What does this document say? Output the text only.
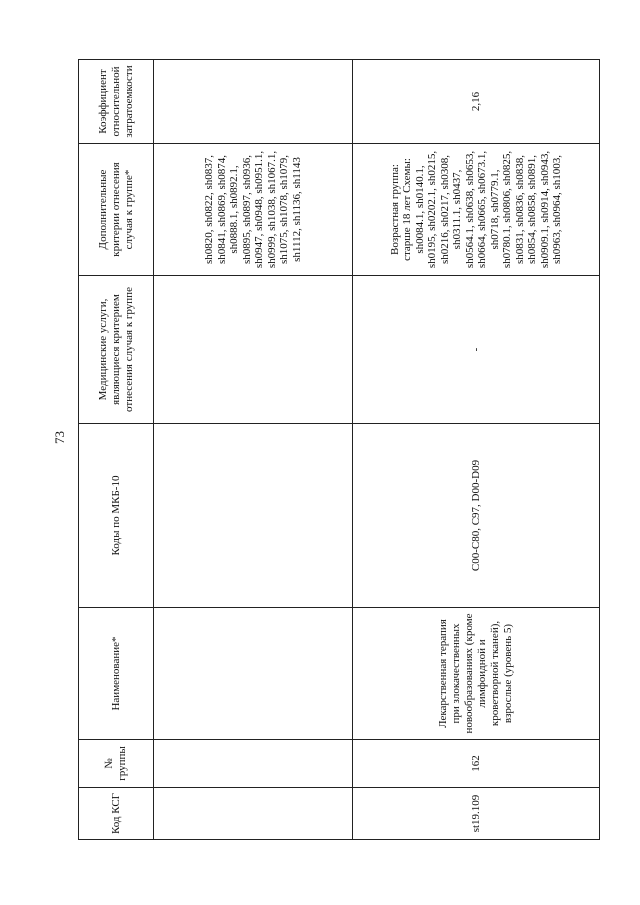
73
Код КСГ	№ группы	Наименование*	Коды по МКБ-10	Медицинские услуги, являющиеся критерием отнесения случая к группе	Дополнительные критерии отнесения случая к группе*	Коэффициент относительной затратоемкости
					sh0820, sh0822, sh0837, sh0841, sh0869, sh0874, sh0888.1, sh0892.1, sh0895, sh0897, sh0936, sh0947, sh0948, sh0951.1, sh0999, sh1038, sh1067.1, sh1075, sh1078, sh1079, sh1112, sh1136, sh1143	
st19.109	162	Лекарственная терапия при злокачественных новообразованиях (кроме лимфоидной и кроветворной тканей), взрослые (уровень 5)	C00-C80, C97, D00-D09	-	Возрастная группа: старше 18 лет Схемы: sh0084.1, sh0140.1, sh0195, sh0202.1, sh0215, sh0216, sh0217, sh0308, sh0311.1, sh0437, sh0564.1, sh0638, sh0653, sh0664, sh0665, sh0673.1, sh0718, sh0779.1, sh0780.1, sh0806, sh0825, sh0831, sh0836, sh0838, sh0854, sh0858, sh0891, sh0909.1, sh0914, sh0943, sh0963, sh0964, sh1003,	2,16
